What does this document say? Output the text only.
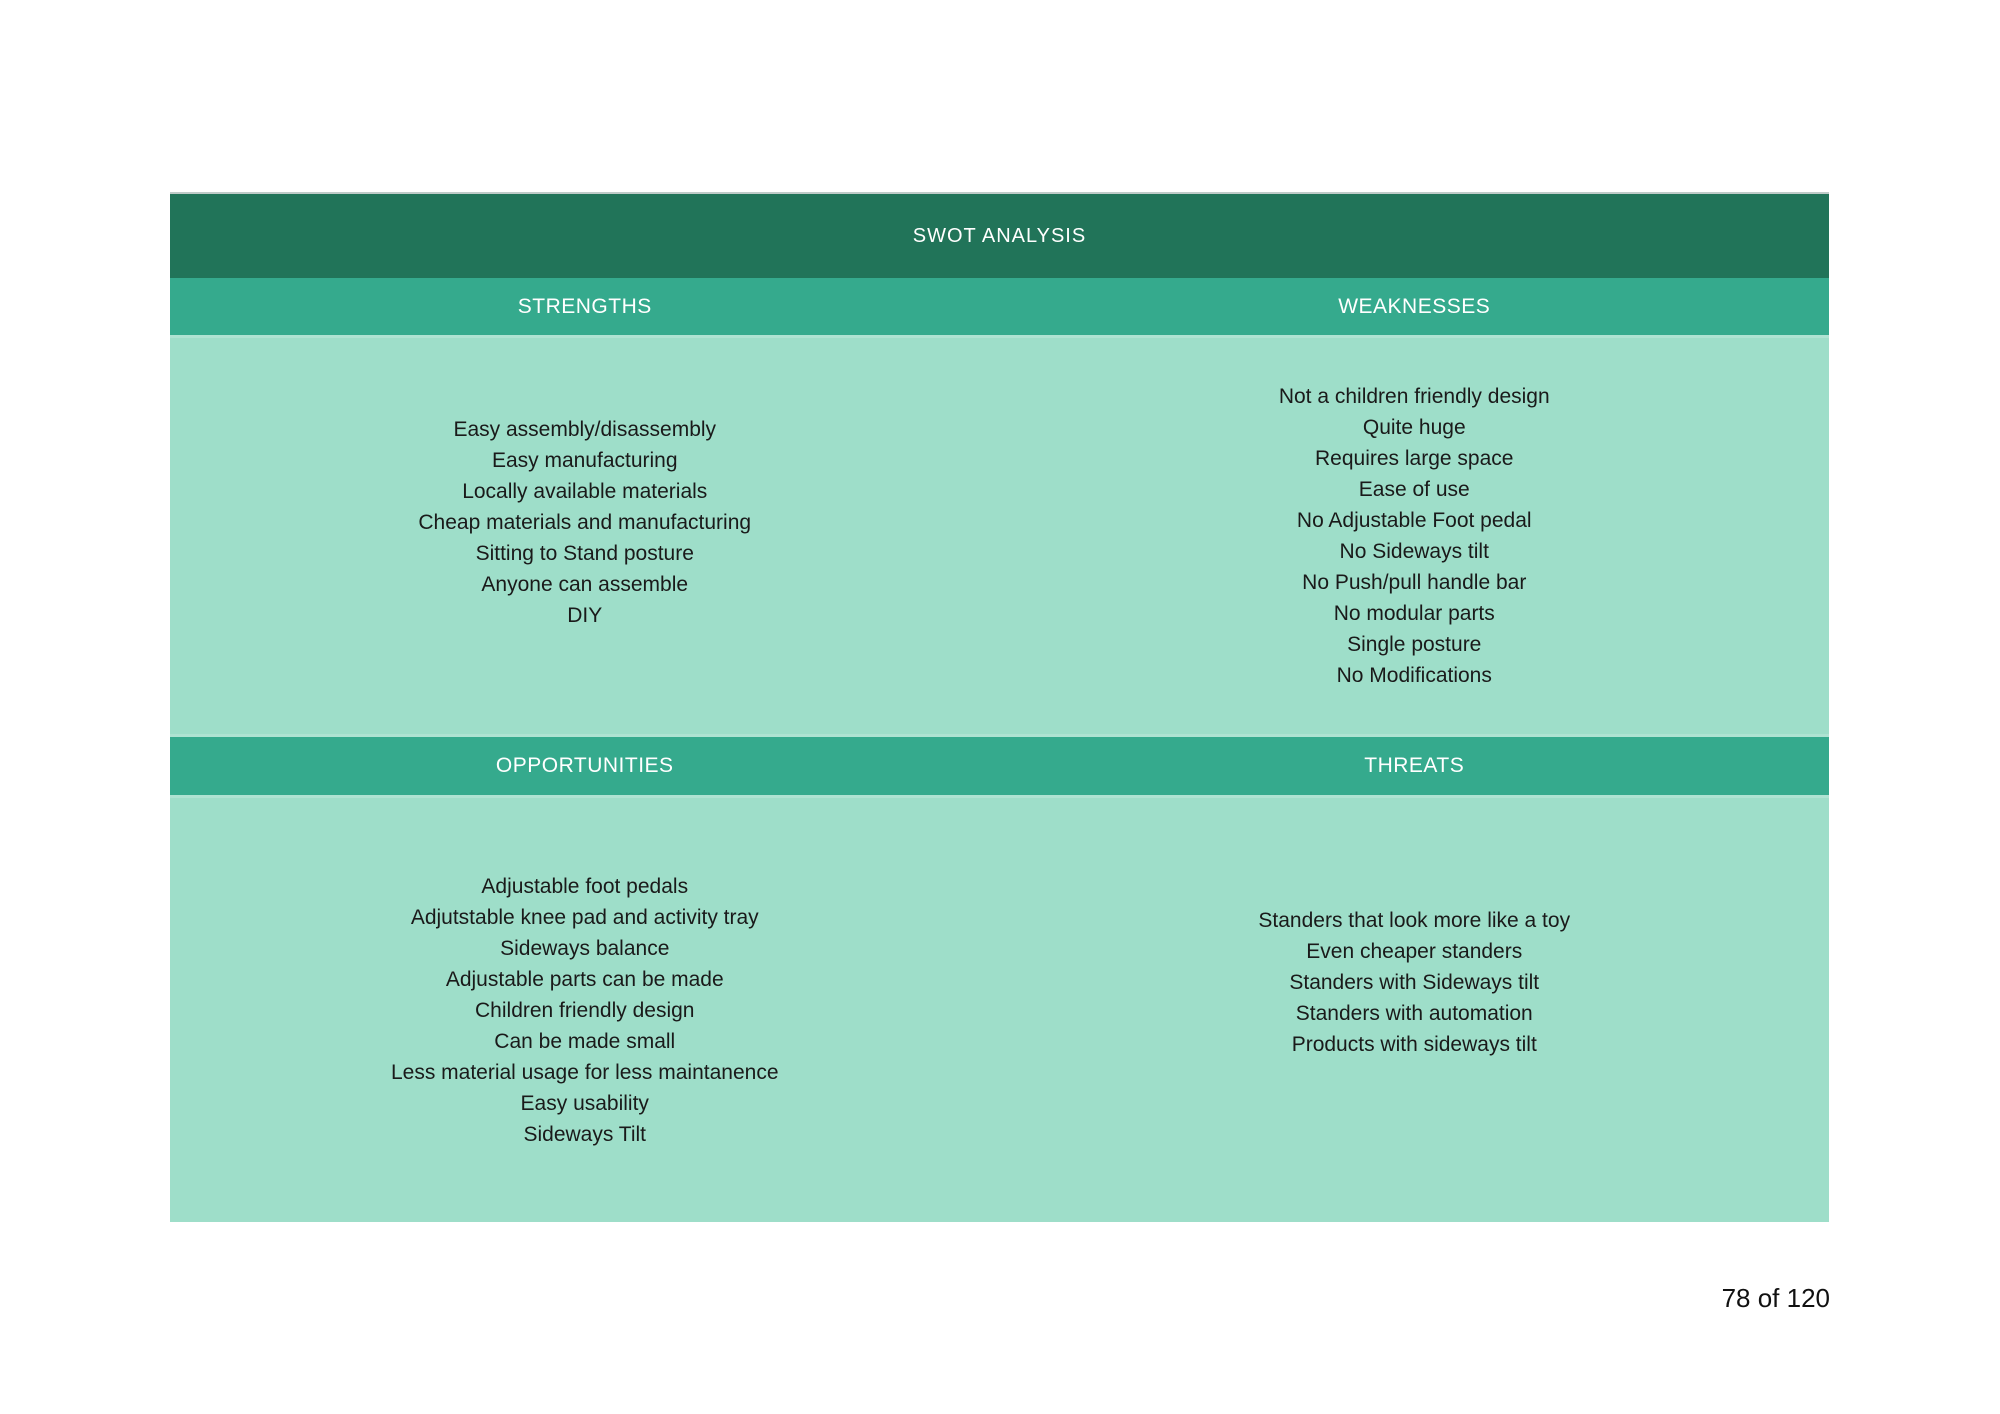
SWOT ANALYSIS
STRENGTHS	WEAKNESSES
Easy assembly/disassembly
Easy manufacturing
Locally available materials
Cheap materials and manufacturing
Sitting to Stand posture
Anyone can assemble
DIY
Not a children friendly design
Quite huge
Requires large space
Ease of use
No Adjustable Foot pedal
No Sideways tilt
No Push/pull handle bar
No modular parts
Single posture
No Modifications
OPPORTUNITIES	THREATS
Adjustable foot pedals
Adjutstable knee pad and activity tray
Sideways balance
Adjustable parts can be made
Children friendly design
Can be made small
Less material usage for less maintanence
Easy usability
Sideways Tilt
Standers that look more like a toy
Even cheaper standers
Standers with Sideways tilt
Standers with automation
Products with sideways tilt
78 of 120
